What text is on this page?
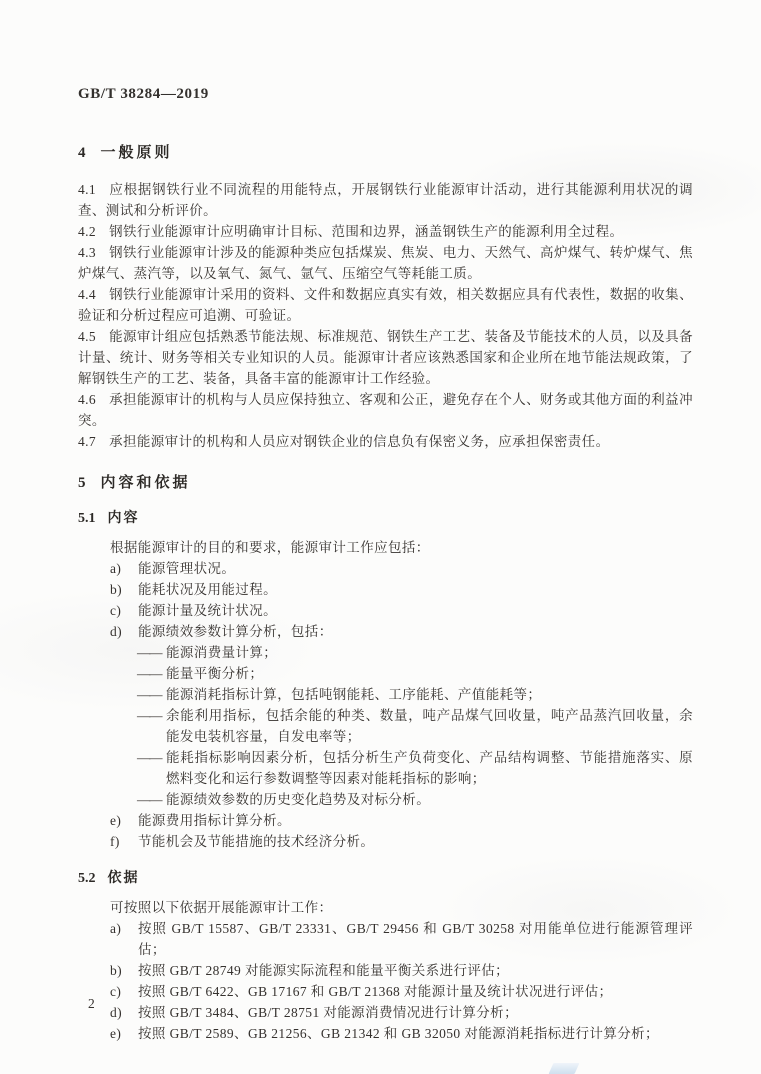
GB/T 38284—2019
4 一般原则

4.1 应根据钢铁行业不同流程的用能特点，开展钢铁行业能源审计活动，进行其能源利用状况的调查、测试和分析评价。

4.2 钢铁行业能源审计应明确审计目标、范围和边界，涵盖钢铁生产的能源利用全过程。

4.3 钢铁行业能源审计涉及的能源种类应包括煤炭、焦炭、电力、天然气、高炉煤气、转炉煤气、焦炉煤气、蒸汽等，以及氧气、氮气、氩气、压缩空气等耗能工质。

4.4 钢铁行业能源审计采用的资料、文件和数据应真实有效，相关数据应具有代表性，数据的收集、验证和分析过程应可追溯、可验证。

4.5 能源审计组应包括熟悉节能法规、标准规范、钢铁生产工艺、装备及节能技术的人员，以及具备计量、统计、财务等相关专业知识的人员。能源审计者应该熟悉国家和企业所在地节能法规政策，了解钢铁生产的工艺、装备，具备丰富的能源审计工作经验。

4.6 承担能源审计的机构与人员应保持独立、客观和公正，避免存在个人、财务或其他方面的利益冲突。

4.7 承担能源审计的机构和人员应对钢铁企业的信息负有保密义务，应承担保密责任。

5 内容和依据
5.1 内容

根据能源审计的目的和要求，能源审计工作应包括：

a)	能源管理状况。

b)	能耗状况及用能过程。

c)	能源计量及统计状况。

d)	能源绩效参数计算分析，包括：

—— 能源消费量计算；

—— 能量平衡分析；

—— 能源消耗指标计算，包括吨钢能耗、工序能耗、产值能耗等；

—— 余能利用指标，包括余能的种类、数量，吨产品煤气回收量，吨产品蒸汽回收量，余能发电装机容量，自发电率等；

—— 能耗指标影响因素分析，包括分析生产负荷变化、产品结构调整、节能措施落实、原燃料变化和运行参数调整等因素对能耗指标的影响；

—— 能源绩效参数的历史变化趋势及对标分析。

e)	能源费用指标计算分析。

f)	节能机会及节能措施的技术经济分析。

5.2 依据

可按照以下依据开展能源审计工作：

a)	按照 GB/T 15587、GB/T 23331、GB/T 29456 和 GB/T 30258 对用能单位进行能源管理评估；

b)	按照 GB/T 28749 对能源实际流程和能量平衡关系进行评估；

c)	按照 GB/T 6422、GB 17167 和 GB/T 21368 对能源计量及统计状况进行评估；

d)	按照 GB/T 3484、GB/T 28751 对能源消费情况进行计算分析；

e)	按照 GB/T 2589、GB 21256、GB 21342 和 GB 32050 对能源消耗指标进行计算分析；

2
